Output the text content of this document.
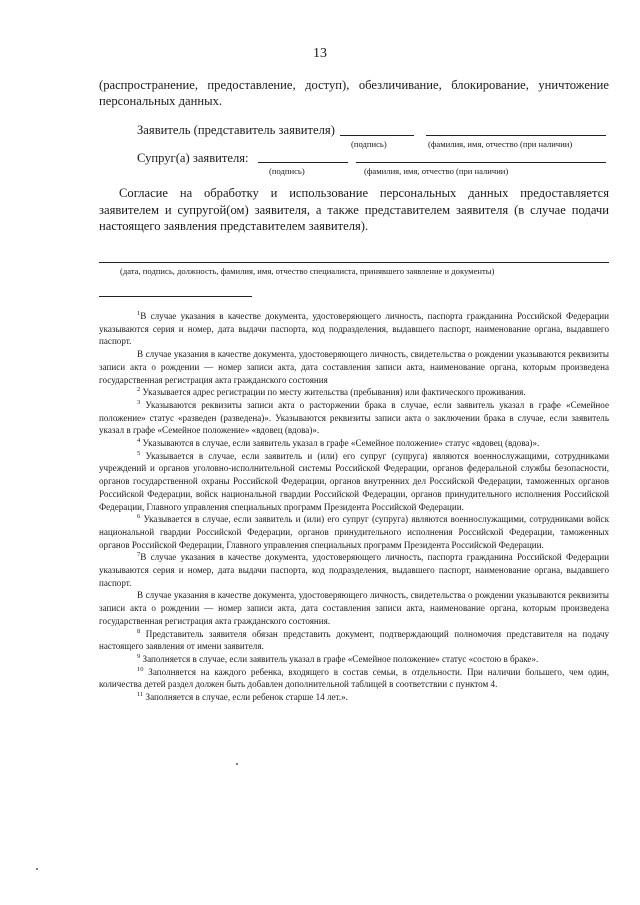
13
(распространение, предоставление, доступ), обезличивание, блокирование, уничтожение
персональных данных.
Заявитель (представитель заявителя)
(подпись)	(фамилия, имя, отчество (при наличии)
Супруг(а) заявителя:
(подпись)	(фамилия, имя, отчество (при наличии)
Согласие на обработку и использование персональных данных предоставляется заявителем и супругой(ом) заявителя, а также представителем заявителя (в случае подачи настоящего заявления представителем заявителя).
(дата, подпись, должность, фамилия, имя, отчество специалиста, принявшего заявление и документы)

$^1$В случае указания в качестве документа, удостоверяющего личность, паспорта гражданина Российской Федерации указываются серия и номер, дата выдачи паспорта, код подразделения, выдавшего паспорт, наименование органа, выдавшего паспорт.

В случае указания в качестве документа, удостоверяющего личность, свидетельства о рождении указываются реквизиты записи акта о рождении — номер записи акта, дата составления записи акта, наименование органа, которым произведена государственная регистрация акта гражданского состояния

$^2$ Указывается адрес регистрации по месту жительства (пребывания) или фактического проживания.

$^3$ Указываются реквизиты записи акта о расторжении брака в случае, если заявитель указал в графе «Семейное положение» статус «разведен (разведена)». Указываются реквизиты записи акта о заключении брака в случае, если заявитель указал в графе «Семейное положение» «вдовец (вдова)».

$^4$ Указываются в случае, если заявитель указал в графе «Семейное положение» статус «вдовец (вдова)».

$^5$ Указывается в случае, если заявитель и (или) его супруг (супруга) являются военнослужащими, сотрудниками учреждений и органов уголовно-исполнительной системы Российской Федерации, органов федеральной службы безопасности, органов государственной охраны Российской Федерации, органов внутренних дел Российской Федерации, таможенных органов Российской Федерации, войск национальной гвардии Российской Федерации, органов принудительного исполнения Российской Федерации, Главного управления специальных программ Президента Российской Федерации.

$^6$ Указывается в случае, если заявитель и (или) его супруг (супруга) являются военнослужащими, сотрудниками войск национальной гвардии Российской Федерации, органов принудительного исполнения Российской Федерации, таможенных органов Российской Федерации, Главного управления специальных программ Президента Российской Федерации.

$^7$В случае указания в качестве документа, удостоверяющего личность, паспорта гражданина Российской Федерации указываются серия и номер, дата выдачи паспорта, код подразделения, выдавшего паспорт, наименование органа, выдавшего паспорт.

В случае указания в качестве документа, удостоверяющего личность, свидетельства о рождении указываются реквизиты записи акта о рождении — номер записи акта, дата составления записи акта, наименование органа, которым произведена государственная регистрация акта гражданского состояния.

$^8$ Представитель заявителя обязан представить документ, подтверждающий полномочия представителя на подачу настоящего заявления от имени заявителя.

$^9$ Заполняется в случае, если заявитель указал в графе «Семейное положение» статус «состою в браке».

$^{10}$ Заполняется на каждого ребенка, входящего в состав семьи, в отдельности. При наличии большего, чем один, количества детей раздел должен быть добавлен дополнительной таблицей в соответствии с пунктом 4.

$^{11}$ Заполняется в случае, если ребенок старше 14 лет.».
